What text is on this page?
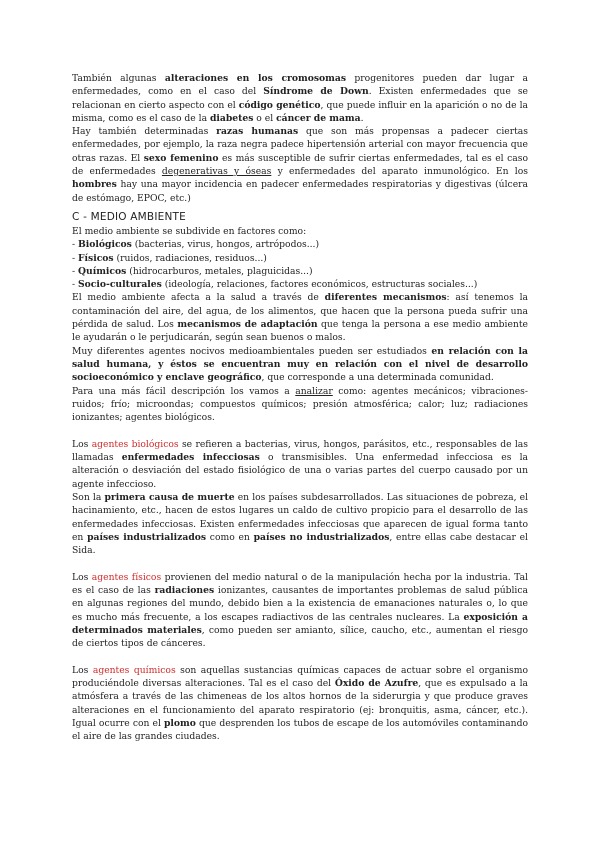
También algunas alteraciones en los cromosomas progenitores pueden dar lugar a enfermedades, como en el caso del Síndrome de Down. Existen enfermedades que se relacionan en cierto aspecto con el código genético, que puede influir en la aparición o no de la misma, como es el caso de la diabetes o el cáncer de mama.

Hay también determinadas razas humanas que son más propensas a padecer ciertas enfermedades, por ejemplo, la raza negra padece hipertensión arterial con mayor frecuencia que otras razas. El sexo femenino es más susceptible de sufrir ciertas enfermedades, tal es el caso de enfermedades degenerativas y óseas y enfermedades del aparato inmunológico. En los hombres hay una mayor incidencia en padecer enfermedades respiratorias y digestivas (úlcera de estómago, EPOC, etc.)

C - MEDIO AMBIENTE

El medio ambiente se subdivide en factores como:

- Biológicos (bacterias, virus, hongos, artrópodos...)

- Físicos (ruidos, radiaciones, residuos...)

- Químicos (hidrocarburos, metales, plaguicidas...)

- Socio-culturales (ideología, relaciones, factores económicos, estructuras sociales...)

El medio ambiente afecta a la salud a través de diferentes mecanismos: así tenemos la contaminación del aire, del agua, de los alimentos, que hacen que la persona pueda sufrir una pérdida de salud. Los mecanismos de adaptación que tenga la persona a ese medio ambiente le ayudarán o le perjudicarán, según sean buenos o malos.

Muy diferentes agentes nocivos medioambientales pueden ser estudiados en relación con la salud humana, y éstos se encuentran muy en relación con el nivel de desarrollo socioeconómico y enclave geográfico, que corresponde a una determinada comunidad.

Para una más fácil descripción los vamos a analizar como: agentes mecánicos; vibraciones-ruidos; frío; microondas; compuestos químicos; presión atmosférica; calor; luz; radiaciones ionizantes; agentes biológicos.

Los agentes biológicos se refieren a bacterias, virus, hongos, parásitos, etc., responsables de las llamadas enfermedades infecciosas o transmisibles. Una enfermedad infecciosa es la alteración o desviación del estado fisiológico de una o varias partes del cuerpo causado por un agente infeccioso.

Son la primera causa de muerte en los países subdesarrollados. Las situaciones de pobreza, el hacinamiento, etc., hacen de estos lugares un caldo de cultivo propicio para el desarrollo de las enfermedades infecciosas. Existen enfermedades infecciosas que aparecen de igual forma tanto en países industrializados como en países no industrializados, entre ellas cabe destacar el Sida.

Los agentes físicos provienen del medio natural o de la manipulación hecha por la industria. Tal es el caso de las radiaciones ionizantes, causantes de importantes problemas de salud pública en algunas regiones del mundo, debido bien a la existencia de emanaciones naturales o, lo que es mucho más frecuente, a los escapes radiactivos de las centrales nucleares. La exposición a determinados materiales, como pueden ser amianto, sílice, caucho, etc., aumentan el riesgo de ciertos tipos de cánceres.

Los agentes químicos son aquellas sustancias químicas capaces de actuar sobre el organismo produciéndole diversas alteraciones. Tal es el caso del Óxido de Azufre, que es expulsado a la atmósfera a través de las chimeneas de los altos hornos de la siderurgia y que produce graves alteraciones en el funcionamiento del aparato respiratorio (ej: bronquitis, asma, cáncer, etc.). Igual ocurre con el plomo que desprenden los tubos de escape de los automóviles contaminando el aire de las grandes ciudades.
